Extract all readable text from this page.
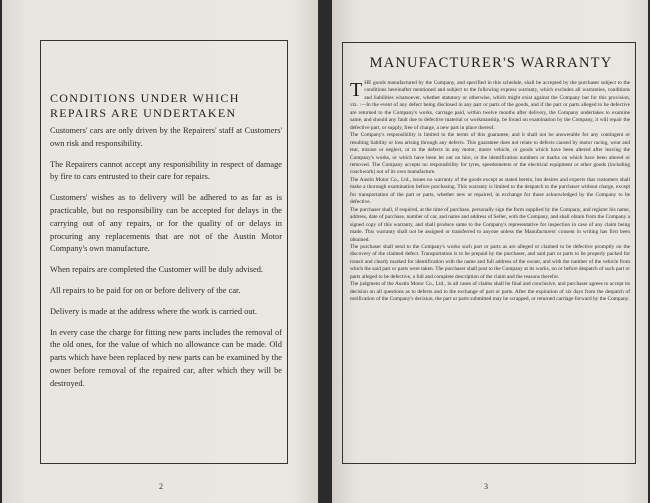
CONDITIONS UNDER WHICH
REPAIRS ARE UNDERTAKEN

Customers' cars are only driven by the Repairers' staff at Customers' own risk and responsibility.

The Repairers cannot accept any responsibility in respect of damage by fire to cars entrusted to their care for repairs.

Customers' wishes as to delivery will be adhered to as far as is practicable, but no responsibility can be accepted for delays in the carrying out of any repairs, or for the quality of or delays in procuring any replacements that are not of the Austin Motor Company's own manufacture.

When repairs are completed the Customer will be duly advised.

All repairs to be paid for on or before delivery of the car.

Delivery is made at the address where the work is carried out.

In every case the charge for fitting new parts includes the removal of the old ones, for the value of which no allowance can be made. Old parts which have been replaced by new parts can be examined by the owner before removal of the repaired car, after which they will be destroyed.

2
MANUFACTURER'S WARRANTY

THE goods manufactured by the Company, and specified in this schedule, shall be accepted by the purchaser subject to the conditions hereinafter mentioned and subject to the following express warranty, which excludes all warranties, conditions and liabilities whatsoever, whether statutory or otherwise, which might exist against the Company but for this provision, viz. :—In the event of any defect being disclosed in any part or parts of the goods, and if the part or parts alleged to be defective are returned to the Company's works, carriage paid, within twelve months after delivery, the Company undertakes to examine same, and should any fault due to defective material or workmanship, be found on examination by the Company, it will repair the defective part, or supply, free of charge, a new part in place thereof.

The Company's responsibility is limited to the terms of this guarantee, and it shall not be answerable for any contingent or resulting liability or loss arising through any defects. This guarantee does not relate to defects caused by motor racing, wear and tear, misuse or neglect, or to the defects in any motor, motor vehicle, or goods which have been altered after leaving the Company's works, or which have been let out on hire, or the identification numbers or marks on which have been altered or removed. The Company accepts no responsibility for tyres, speedometers or the electrical equipment or other goods (including coachwork) not of its own manufacture.

The Austin Motor Co., Ltd., issues no warranty of the goods except as stated herein, but desires and expects that customers shall make a thorough examination before purchasing. This warranty is limited to the despatch to the purchaser without charge, except for transportation of the part or parts, whether new or repaired, in exchange for those acknowledged by the Company to be defective.

The purchaser shall, if required, at the time of purchase, personally sign the form supplied by the Company, and register his name, address, date of purchase, number of car, and name and address of Seller, with the Company, and shall obtain from the Company a signed copy of this warranty, and shall produce same to the Company's representative for inspection in case of any claim being made. This warranty shall not be assigned or transferred to anyone unless the Manufacturers' consent in writing has first been obtained.

The purchaser shall send to the Company's works such part or parts as are alleged or claimed to be defective promptly on the discovery of the claimed defect. Transportation is to be prepaid by the purchaser, and said part or parts to be properly packed for transit and clearly marked for identification with the name and full address of the owner, and with the number of the vehicle from which the said part or parts were taken. The purchaser shall post to the Company at its works, on or before despatch of such part or parts alleged to be defective, a full and complete description of the claim and the reasons therefor.

The judgment of the Austin Motor Co., Ltd., in all cases of claims shall be final and conclusive, and purchaser agrees to accept its decision on all questions as to defects and to the exchange of part or parts. After the expiration of six days from the despatch of notification of the Company's decision, the part or parts submitted may be scrapped, or returned carriage forward by the Company.

3
